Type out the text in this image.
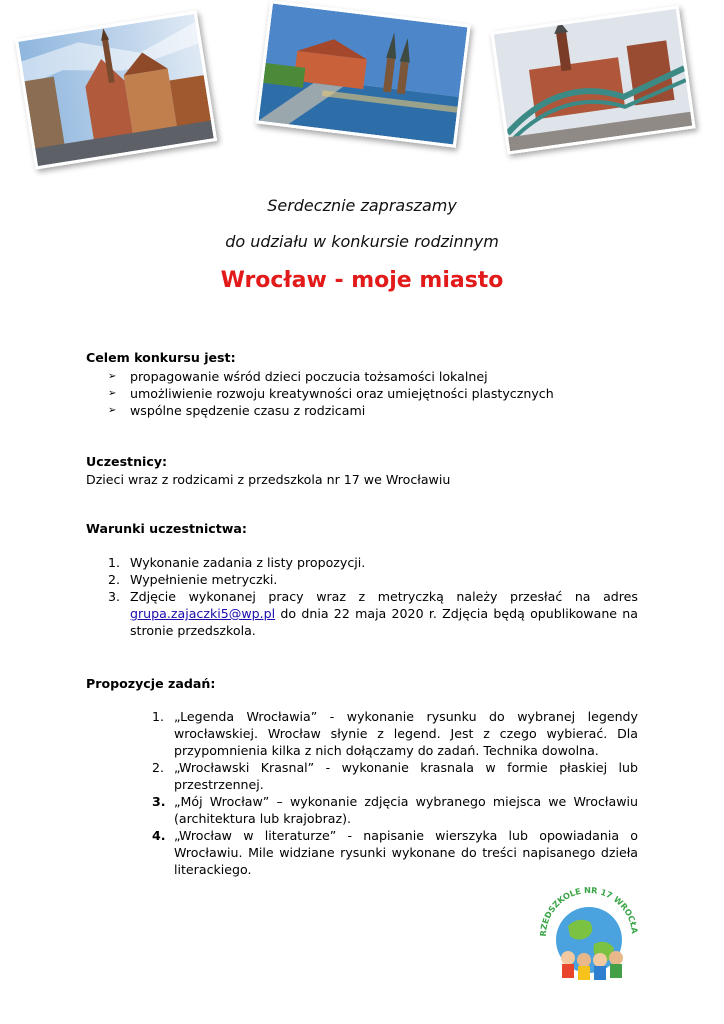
Serdecznie zapraszamy
do udziału w konkursie rodzinnym
Wrocław - moje miasto
Celem konkursu jest:
➢ propagowanie wśród dzieci poczucia tożsamości lokalnej
➢ umożliwienie rozwoju kreatywności oraz umiejętności plastycznych
➢ wspólne spędzenie czasu z rodzicami
Uczestnicy:
Dzieci wraz z rodzicami z przedszkola nr 17 we Wrocławiu
Warunki uczestnictwa:
1. Wykonanie zadania z listy propozycji.
2. Wypełnienie metryczki.
3. Zdjęcie wykonanej pracy wraz z metryczką należy przesłać na adres grupa.zajaczki5@wp.pl do dnia 22 maja 2020 r. Zdjęcia będą opublikowane na stronie przedszkola.
Propozycje zadań:
1. „Legenda Wrocławia” - wykonanie rysunku do wybranej legendy wrocławskiej. Wrocław słynie z legend. Jest z czego wybierać. Dla przypomnienia kilka z nich dołączamy do zadań. Technika dowolna.
2. „Wrocławski Krasnal” - wykonanie krasnala w formie płaskiej lub przestrzennej.
3. „Mój Wrocław” – wykonanie zdjęcia wybranego miejsca we Wrocławiu (architektura lub krajobraz).
4. „Wrocław w literaturze” - napisanie wierszyka lub opowiadania o Wrocławiu. Mile widziane rysunki wykonane do treści napisanego dzieła literackiego.
RZEDSZKOLE NR 17 WROCŁA
